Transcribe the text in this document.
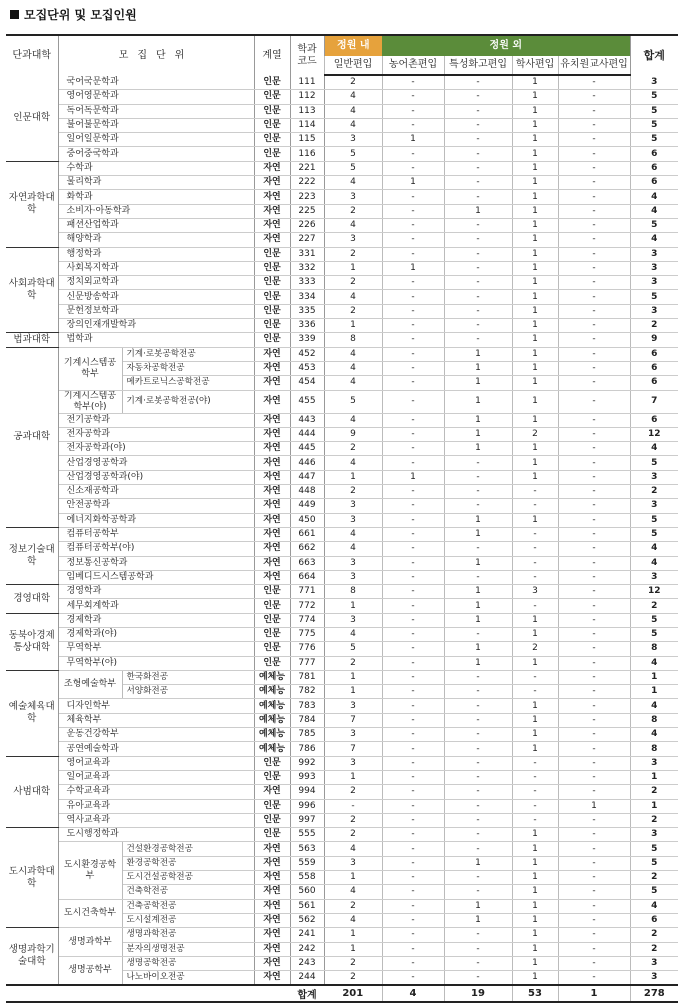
모집단위 및 모집인원
단과대학	모집단위		계열	학과
코드	정원 내	정원 외				합계
					일반편입	농어촌편입	특성화고편입	학사편입	유치원교사편입	
인문대학	국어국문학과		인문	111	2	-	-	1	-	3
	영어영문학과		인문	112	4	-	-	1	-	5
	독어독문학과		인문	113	4	-	-	1	-	5
	불어불문학과		인문	114	4	-	-	1	-	5
	일어일문학과		인문	115	3	1	-	1	-	5
	중어중국학과		인문	116	5	-	-	1	-	6
자연과학대학	수학과		자연	221	5	-	-	1	-	6
	물리학과		자연	222	4	1	-	1	-	6
	화학과		자연	223	3	-	-	1	-	4
	소비자·아동학과		자연	225	2	-	1	1	-	4
	패션산업학과		자연	226	4	-	-	1	-	5
	해양학과		자연	227	3	-	-	1	-	4
사회과학대학	행정학과		인문	331	2	-	-	1	-	3
	사회복지학과		인문	332	1	1	-	1	-	3
	정치외교학과		인문	333	2	-	-	1	-	3
	신문방송학과		인문	334	4	-	-	1	-	5
	문헌정보학과		인문	335	2	-	-	1	-	3
	장의인재개발학과		인문	336	1	-	-	1	-	2
법과대학	법학과		인문	339	8	-	-	1	-	9
공과대학	기계시스템공학부	기계·로봇공학전공	자연	452	4	-	1	1	-	6
		자동차공학전공	자연	453	4	-	1	1	-	6
		메카트로닉스공학전공	자연	454	4	-	1	1	-	6
	기계시스템공학부(야)	기계·로봇공학전공(야)	자연	455	5	-	1	1	-	7
	전기공학과		자연	443	4	-	1	1	-	6
	전자공학과		자연	444	9	-	1	2	-	12
	전자공학과(야)		자연	445	2	-	1	1	-	4
	산업경영공학과		자연	446	4	-	-	1	-	5
	산업경영공학과(야)		자연	447	1	1	-	1	-	3
	신소재공학과		자연	448	2	-	-	-	-	2
	안전공학과		자연	449	3	-	-	-	-	3
	에너지화학공학과		자연	450	3	-	1	1	-	5
정보기술대학	컴퓨터공학부		자연	661	4	-	1	-	-	5
	컴퓨터공학부(야)		자연	662	4	-	-	-	-	4
	정보통신공학과		자연	663	3	-	1	-	-	4
	임베디드시스템공학과		자연	664	3	-	-	-	-	3
경영대학	경영학과		인문	771	8	-	1	3	-	12
	세무회계학과		인문	772	1	-	1	-	-	2
동북아경제통상대학	경제학과		인문	774	3	-	1	1	-	5
	경제학과(야)		인문	775	4	-	-	1	-	5
	무역학부		인문	776	5	-	1	2	-	8
	무역학부(야)		인문	777	2	-	1	1	-	4
예술체육대학	조형예술학부	한국화전공	예체능	781	1	-	-	-	-	1
		서양화전공	예체능	782	1	-	-	-	-	1
	디자인학부		예체능	783	3	-	-	1	-	4
	체육학부		예체능	784	7	-	-	1	-	8
	운동건강학부		예체능	785	3	-	-	1	-	4
	공연예술학과		예체능	786	7	-	-	1	-	8
사범대학	영어교육과		인문	992	3	-	-	-	-	3
	일어교육과		인문	993	1	-	-	-	-	1
	수학교육과		자연	994	2	-	-	-	-	2
	유아교육과		인문	996	-	-	-	-	1	1
	역사교육과		인문	997	2	-	-	-	-	2
도시과학대학	도시행정학과		인문	555	2	-	-	1	-	3
	도시환경공학부	건설환경공학전공	자연	563	4	-	-	1	-	5
		환경공학전공	자연	559	3	-	1	1	-	5
		도시건설공학전공	자연	558	1	-	-	1	-	2
		건축학전공	자연	560	4	-	-	1	-	5
	도시건축학부	건축공학전공	자연	561	2	-	1	1	-	4
		도시설계전공	자연	562	4	-	1	1	-	6
생명과학기술대학	생명과학부	생명과학전공	자연	241	1	-	-	1	-	2
		분자의생명전공	자연	242	1	-	-	1	-	2
	생명공학부	생명공학전공	자연	243	2	-	-	1	-	3
		나노바이오전공	자연	244	2	-	-	1	-	3
				합계	201	4	19	53	1	278
